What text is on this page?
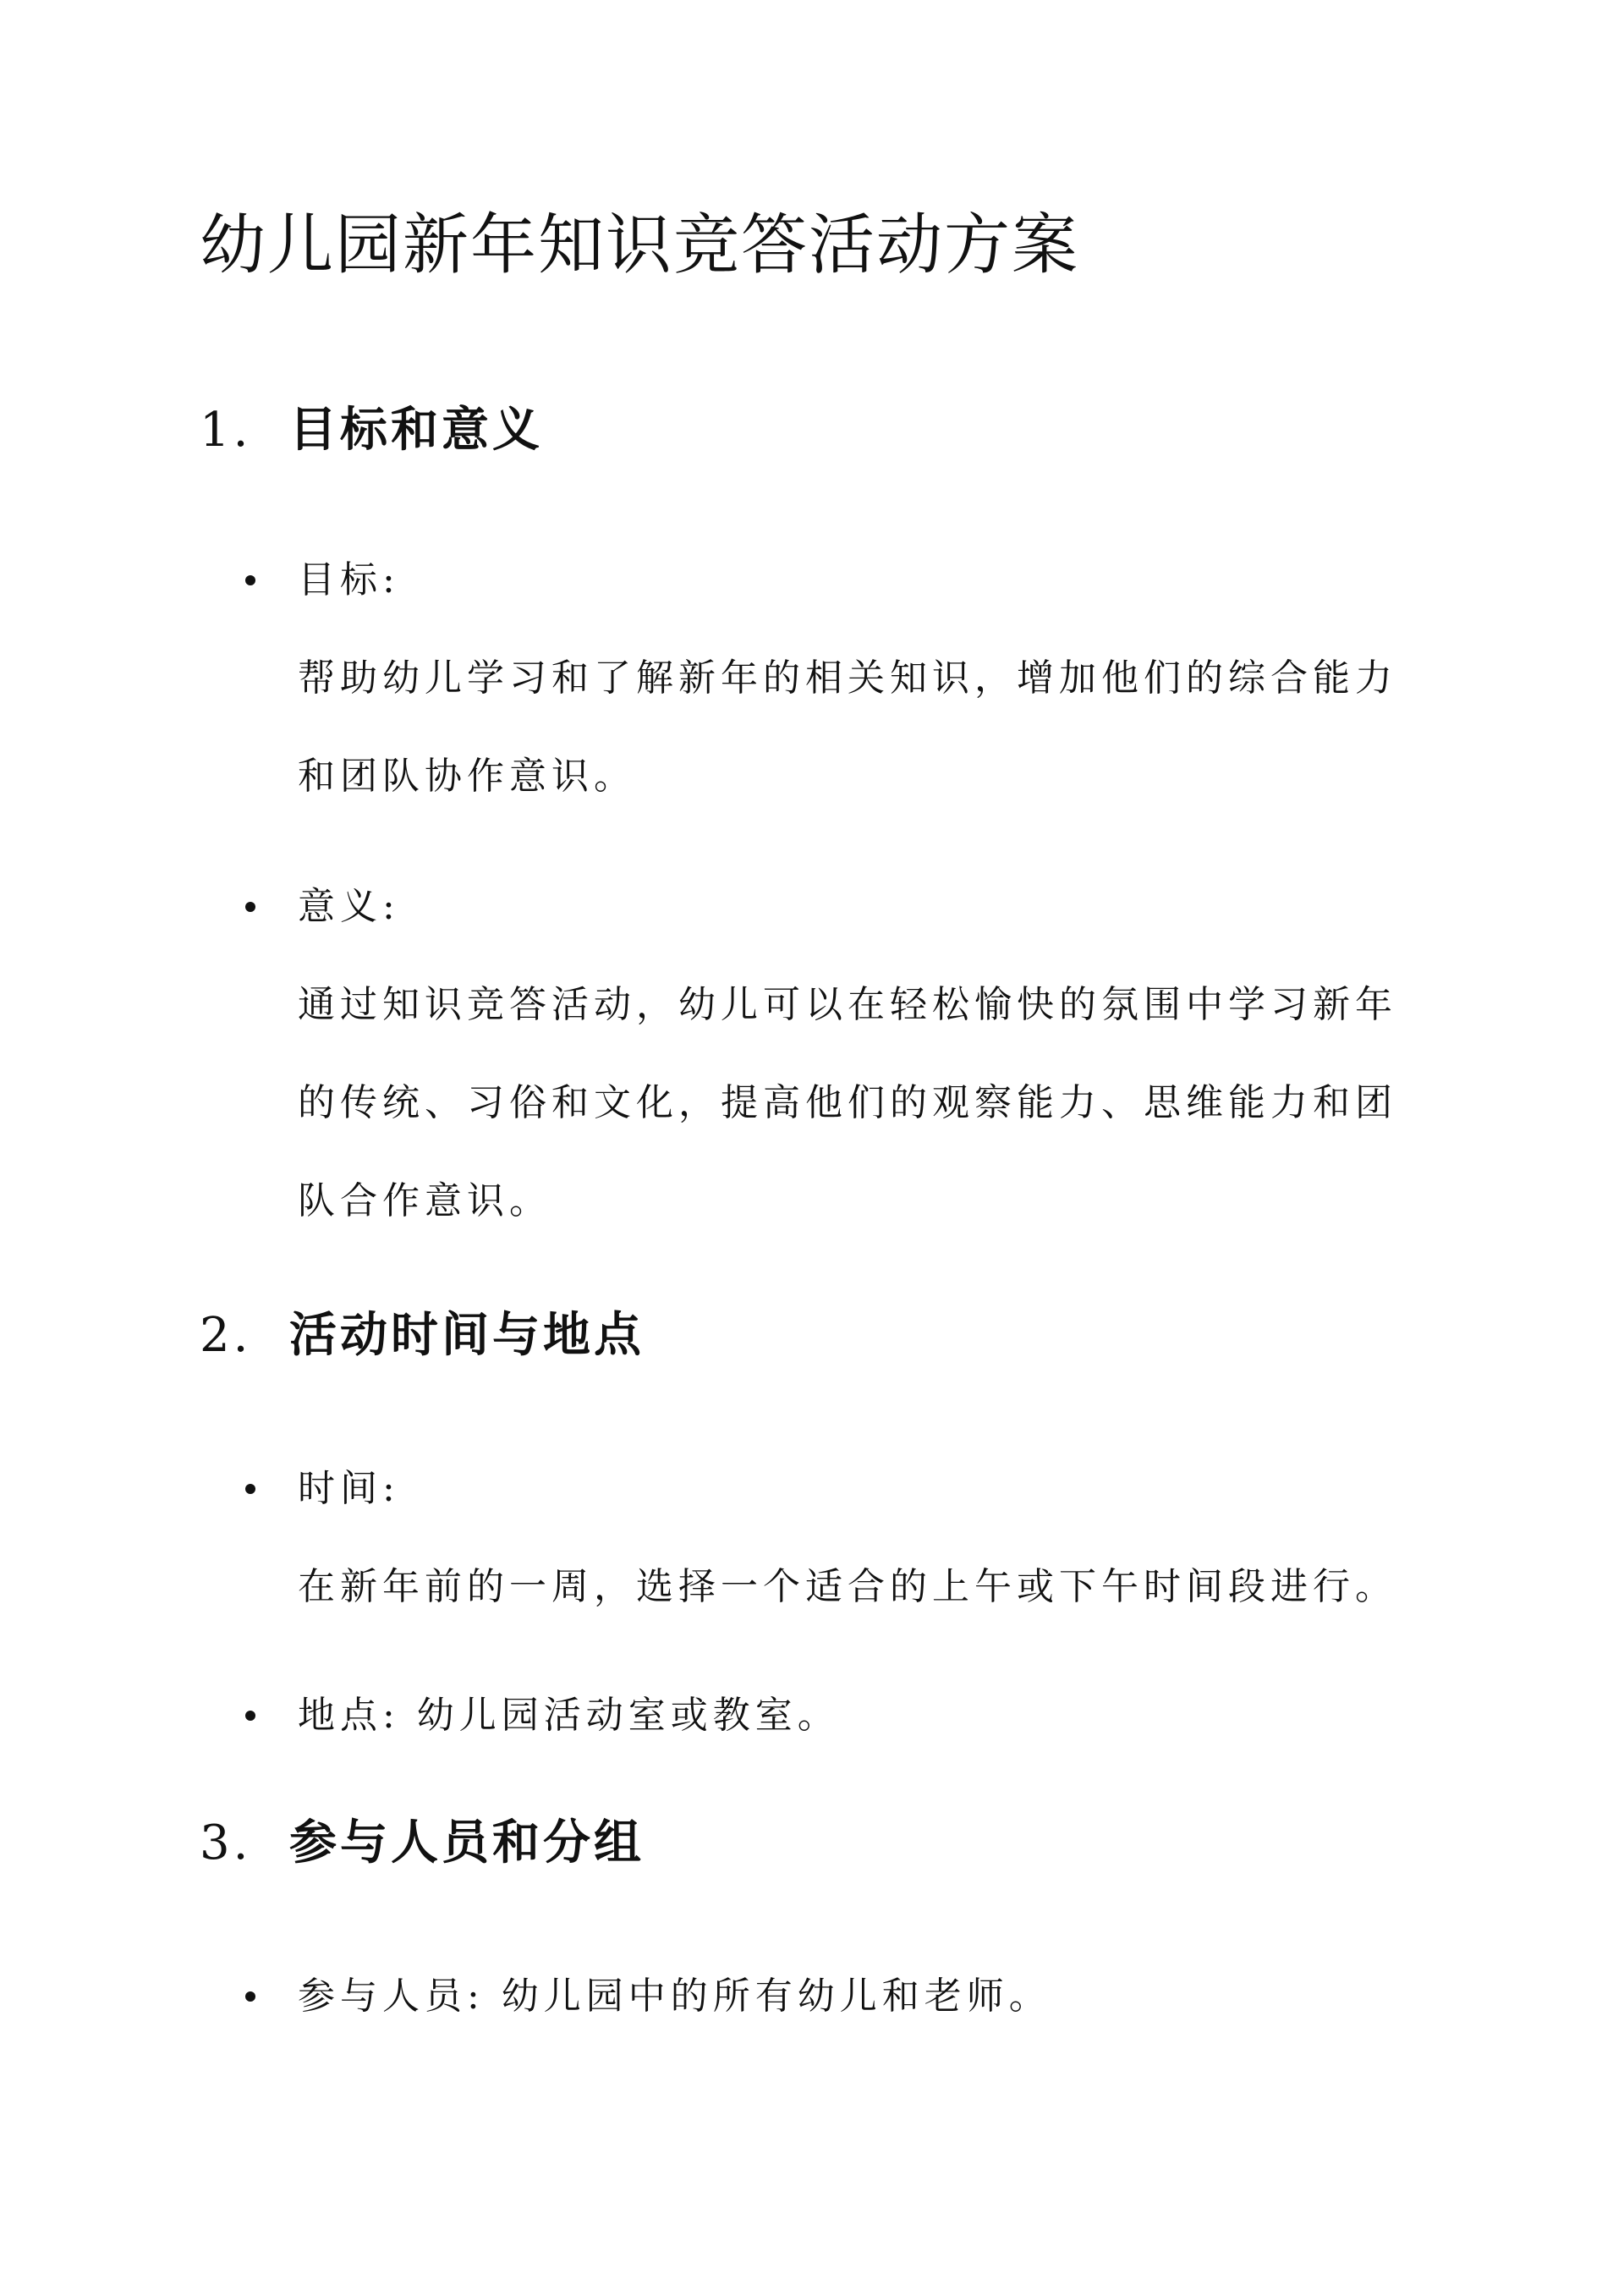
幼儿园新年知识竞答活动方案
1. 目标和意义

目标:

帮助幼儿学习和了解新年的相关知识，增加他们的综合能力

和团队协作意识。

意义:

通过知识竞答活动，幼儿可以在轻松愉快的氛围中学习新年

的传统、习俗和文化，提高他们的观察能力、思维能力和团

队合作意识。

2. 活动时间与地点

时间:

在新年前的一周，选择一个适合的上午或下午时间段进行。

地点: 幼儿园活动室或教室。

3. 参与人员和分组

参与人员: 幼儿园中的所有幼儿和老师。
